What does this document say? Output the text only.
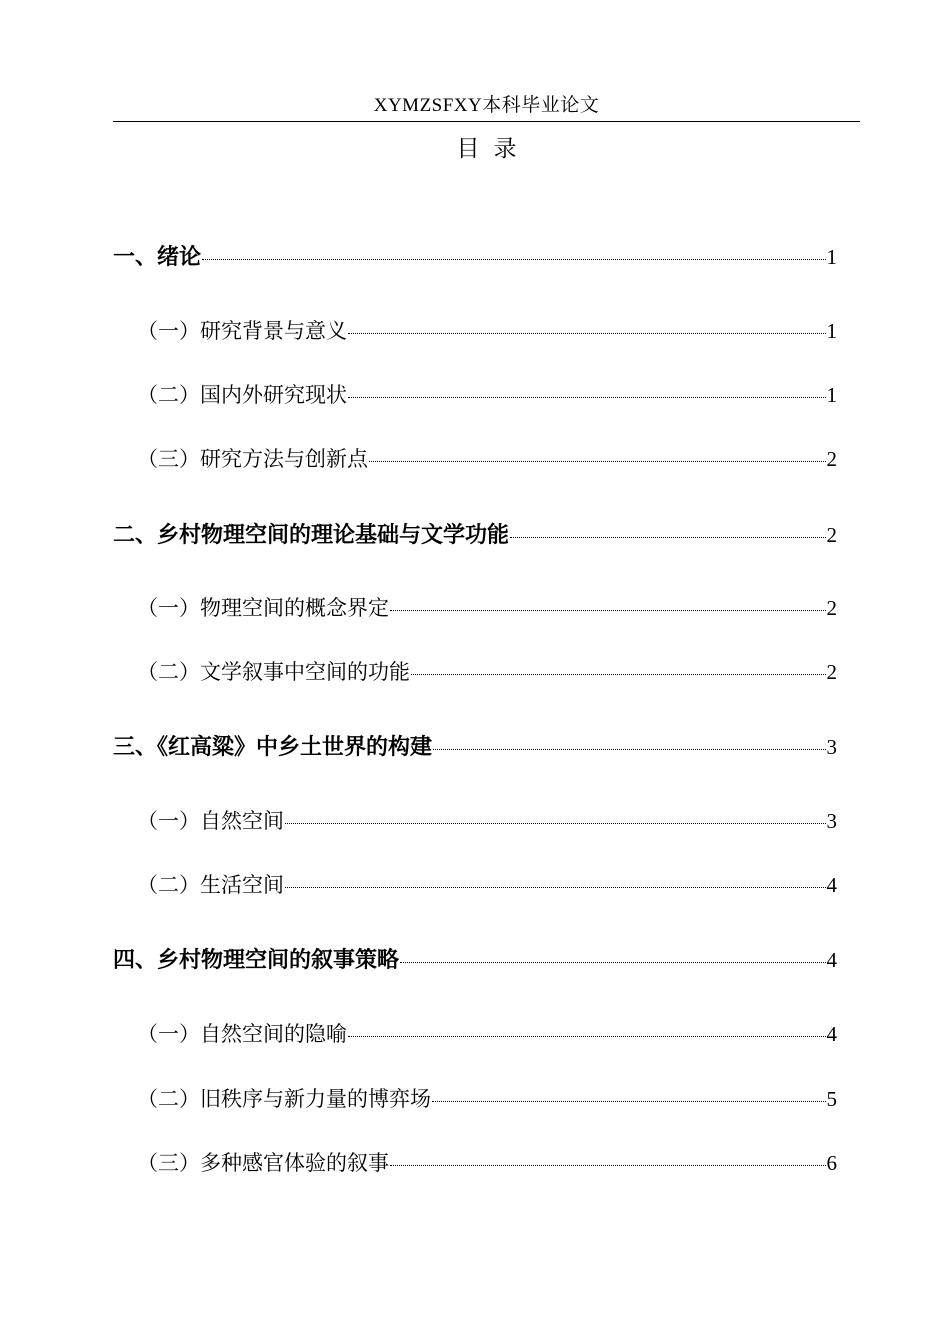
XYMZSFXY本科毕业论文
目录
一、绪论	1
（一）研究背景与意义	1
（二）国内外研究现状	1
（三）研究方法与创新点	2
二、乡村物理空间的理论基础与文学功能	2
（一）物理空间的概念界定	2
（二）文学叙事中空间的功能	2
三、《红高粱》中乡土世界的构建	3
（一）自然空间	3
（二）生活空间	4
四、乡村物理空间的叙事策略	4
（一）自然空间的隐喻	4
（二）旧秩序与新力量的博弈场	5
（三）多种感官体验的叙事	6
